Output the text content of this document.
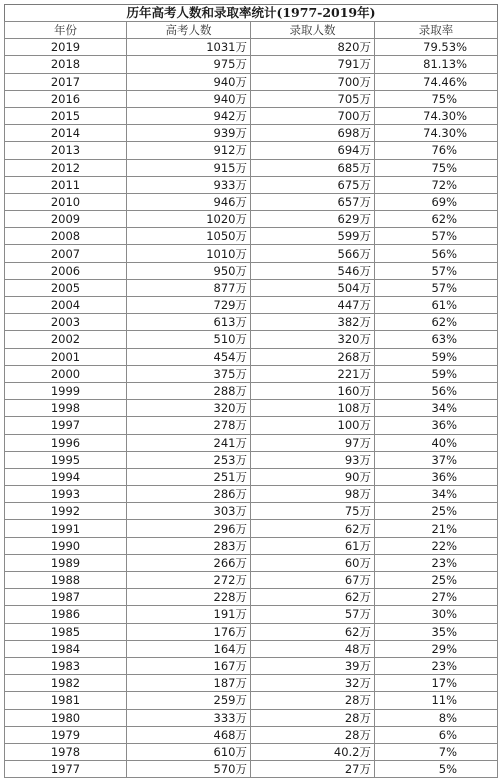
历年高考人数和录取率统计(1977-2019年)
年份	高考人数	录取人数	录取率
2019	1031万	820万	79.53%
2018	975万	791万	81.13%
2017	940万	700万	74.46%
2016	940万	705万	75%
2015	942万	700万	74.30%
2014	939万	698万	74.30%
2013	912万	694万	76%
2012	915万	685万	75%
2011	933万	675万	72%
2010	946万	657万	69%
2009	1020万	629万	62%
2008	1050万	599万	57%
2007	1010万	566万	56%
2006	950万	546万	57%
2005	877万	504万	57%
2004	729万	447万	61%
2003	613万	382万	62%
2002	510万	320万	63%
2001	454万	268万	59%
2000	375万	221万	59%
1999	288万	160万	56%
1998	320万	108万	34%
1997	278万	100万	36%
1996	241万	97万	40%
1995	253万	93万	37%
1994	251万	90万	36%
1993	286万	98万	34%
1992	303万	75万	25%
1991	296万	62万	21%
1990	283万	61万	22%
1989	266万	60万	23%
1988	272万	67万	25%
1987	228万	62万	27%
1986	191万	57万	30%
1985	176万	62万	35%
1984	164万	48万	29%
1983	167万	39万	23%
1982	187万	32万	17%
1981	259万	28万	11%
1980	333万	28万	8%
1979	468万	28万	6%
1978	610万	40.2万	7%
1977	570万	27万	5%
